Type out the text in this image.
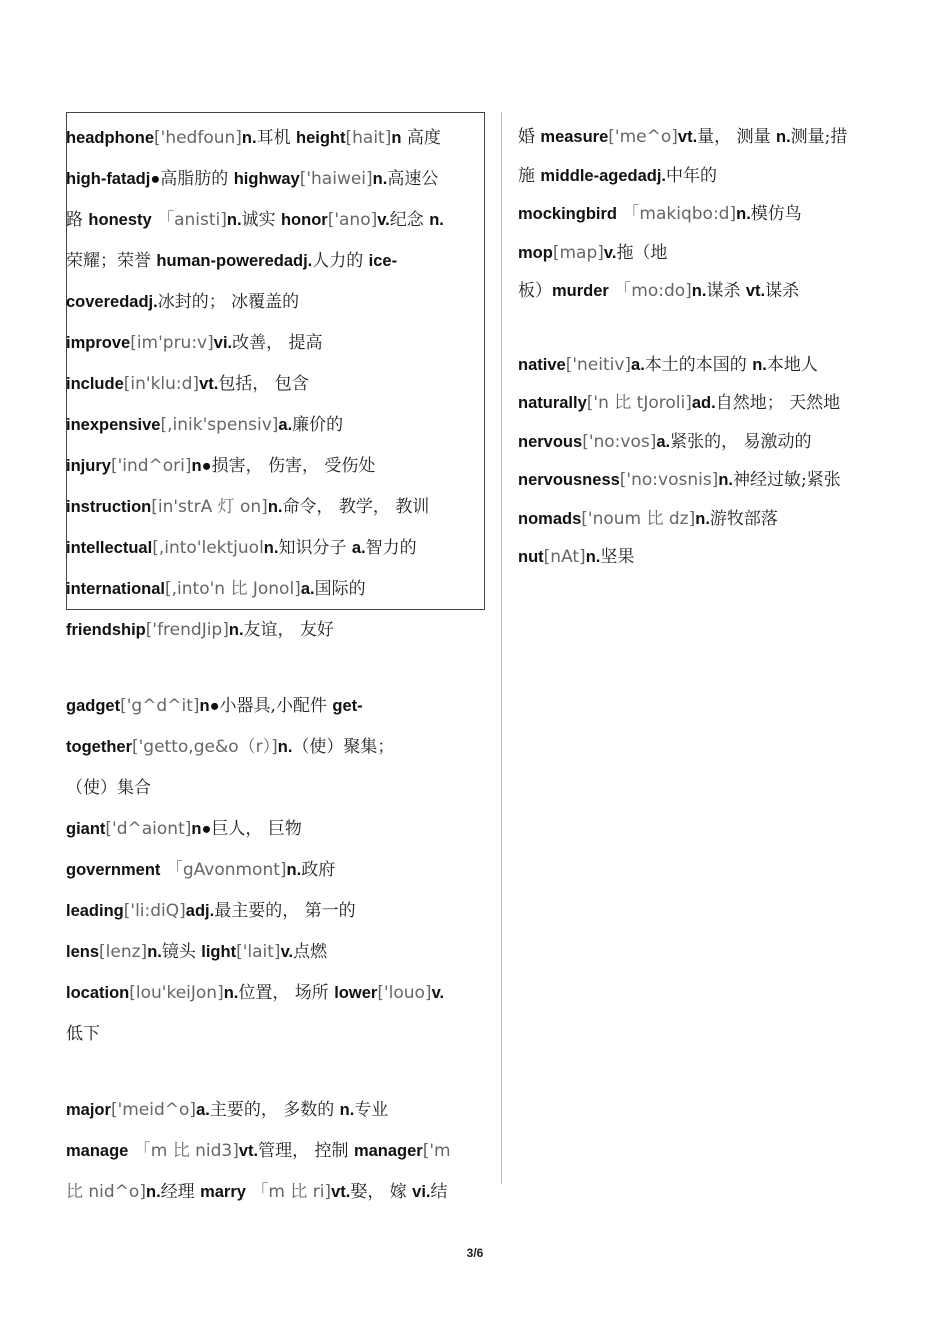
headphone['hedfoun]n.耳机 height[hait]n 高度
high-fatadj●高脂肪的 highway['haiwei]n.高速公
路 honesty 「anisti]n.诚实 honor['ano]v.纪念 n.
荣耀；荣誉 human-poweredadj.人力的 ice-
coveredadj.冰封的； 冰覆盖的
improve[im'pru:v]vi.改善， 提高
include[in'klu:d]vt.包括， 包含
inexpensive[,inik'spensiv]a.廉价的
injury['ind^ori]n●损害， 伤害， 受伤处
instruction[in'strA 灯 on]n.命令， 教学， 教训
intellectual[,into'lektjuoln.知识分子 a.智力的
international[,into'n 比 Jonol]a.国际的
friendship['frendJip]n.友谊， 友好
gadget['g^d^it]n●小器具,小配件 get-
together['getto,ge&o（r）]n.（使）聚集；
（使）集合
giant['d^aiont]n●巨人， 巨物
government 「gAvonmont]n.政府
leading['li:diQ]adj.最主要的， 第一的
lens[lenz]n.镜头 light['lait]v.点燃
location[lou'keiJon]n.位置， 场所 lower['louo]v.
低下
major['meid^o]a.主要的， 多数的 n.专业
manage 「m 比 nid3]vt.管理， 控制 manager['m
比 nid^o]n.经理 marry 「m 比 ri]vt.娶， 嫁 vi.结
婚 measure['me^o]vt.量， 测量 n.测量;措
施 middle-agedadj.中年的
mockingbird 「makiqbo:d]n.模仿鸟
mop[map]v.拖（地
板）murder 「mo:do]n.谋杀 vt.谋杀
native['neitiv]a.本土的本国的 n.本地人
naturally['n 比 tJoroli]ad.自然地； 天然地
nervous['no:vos]a.紧张的， 易激动的
nervousness['no:vosnis]n.神经过敏;紧张
nomads['noum 比 dz]n.游牧部落
nut[nAt]n.坚果
3/6
